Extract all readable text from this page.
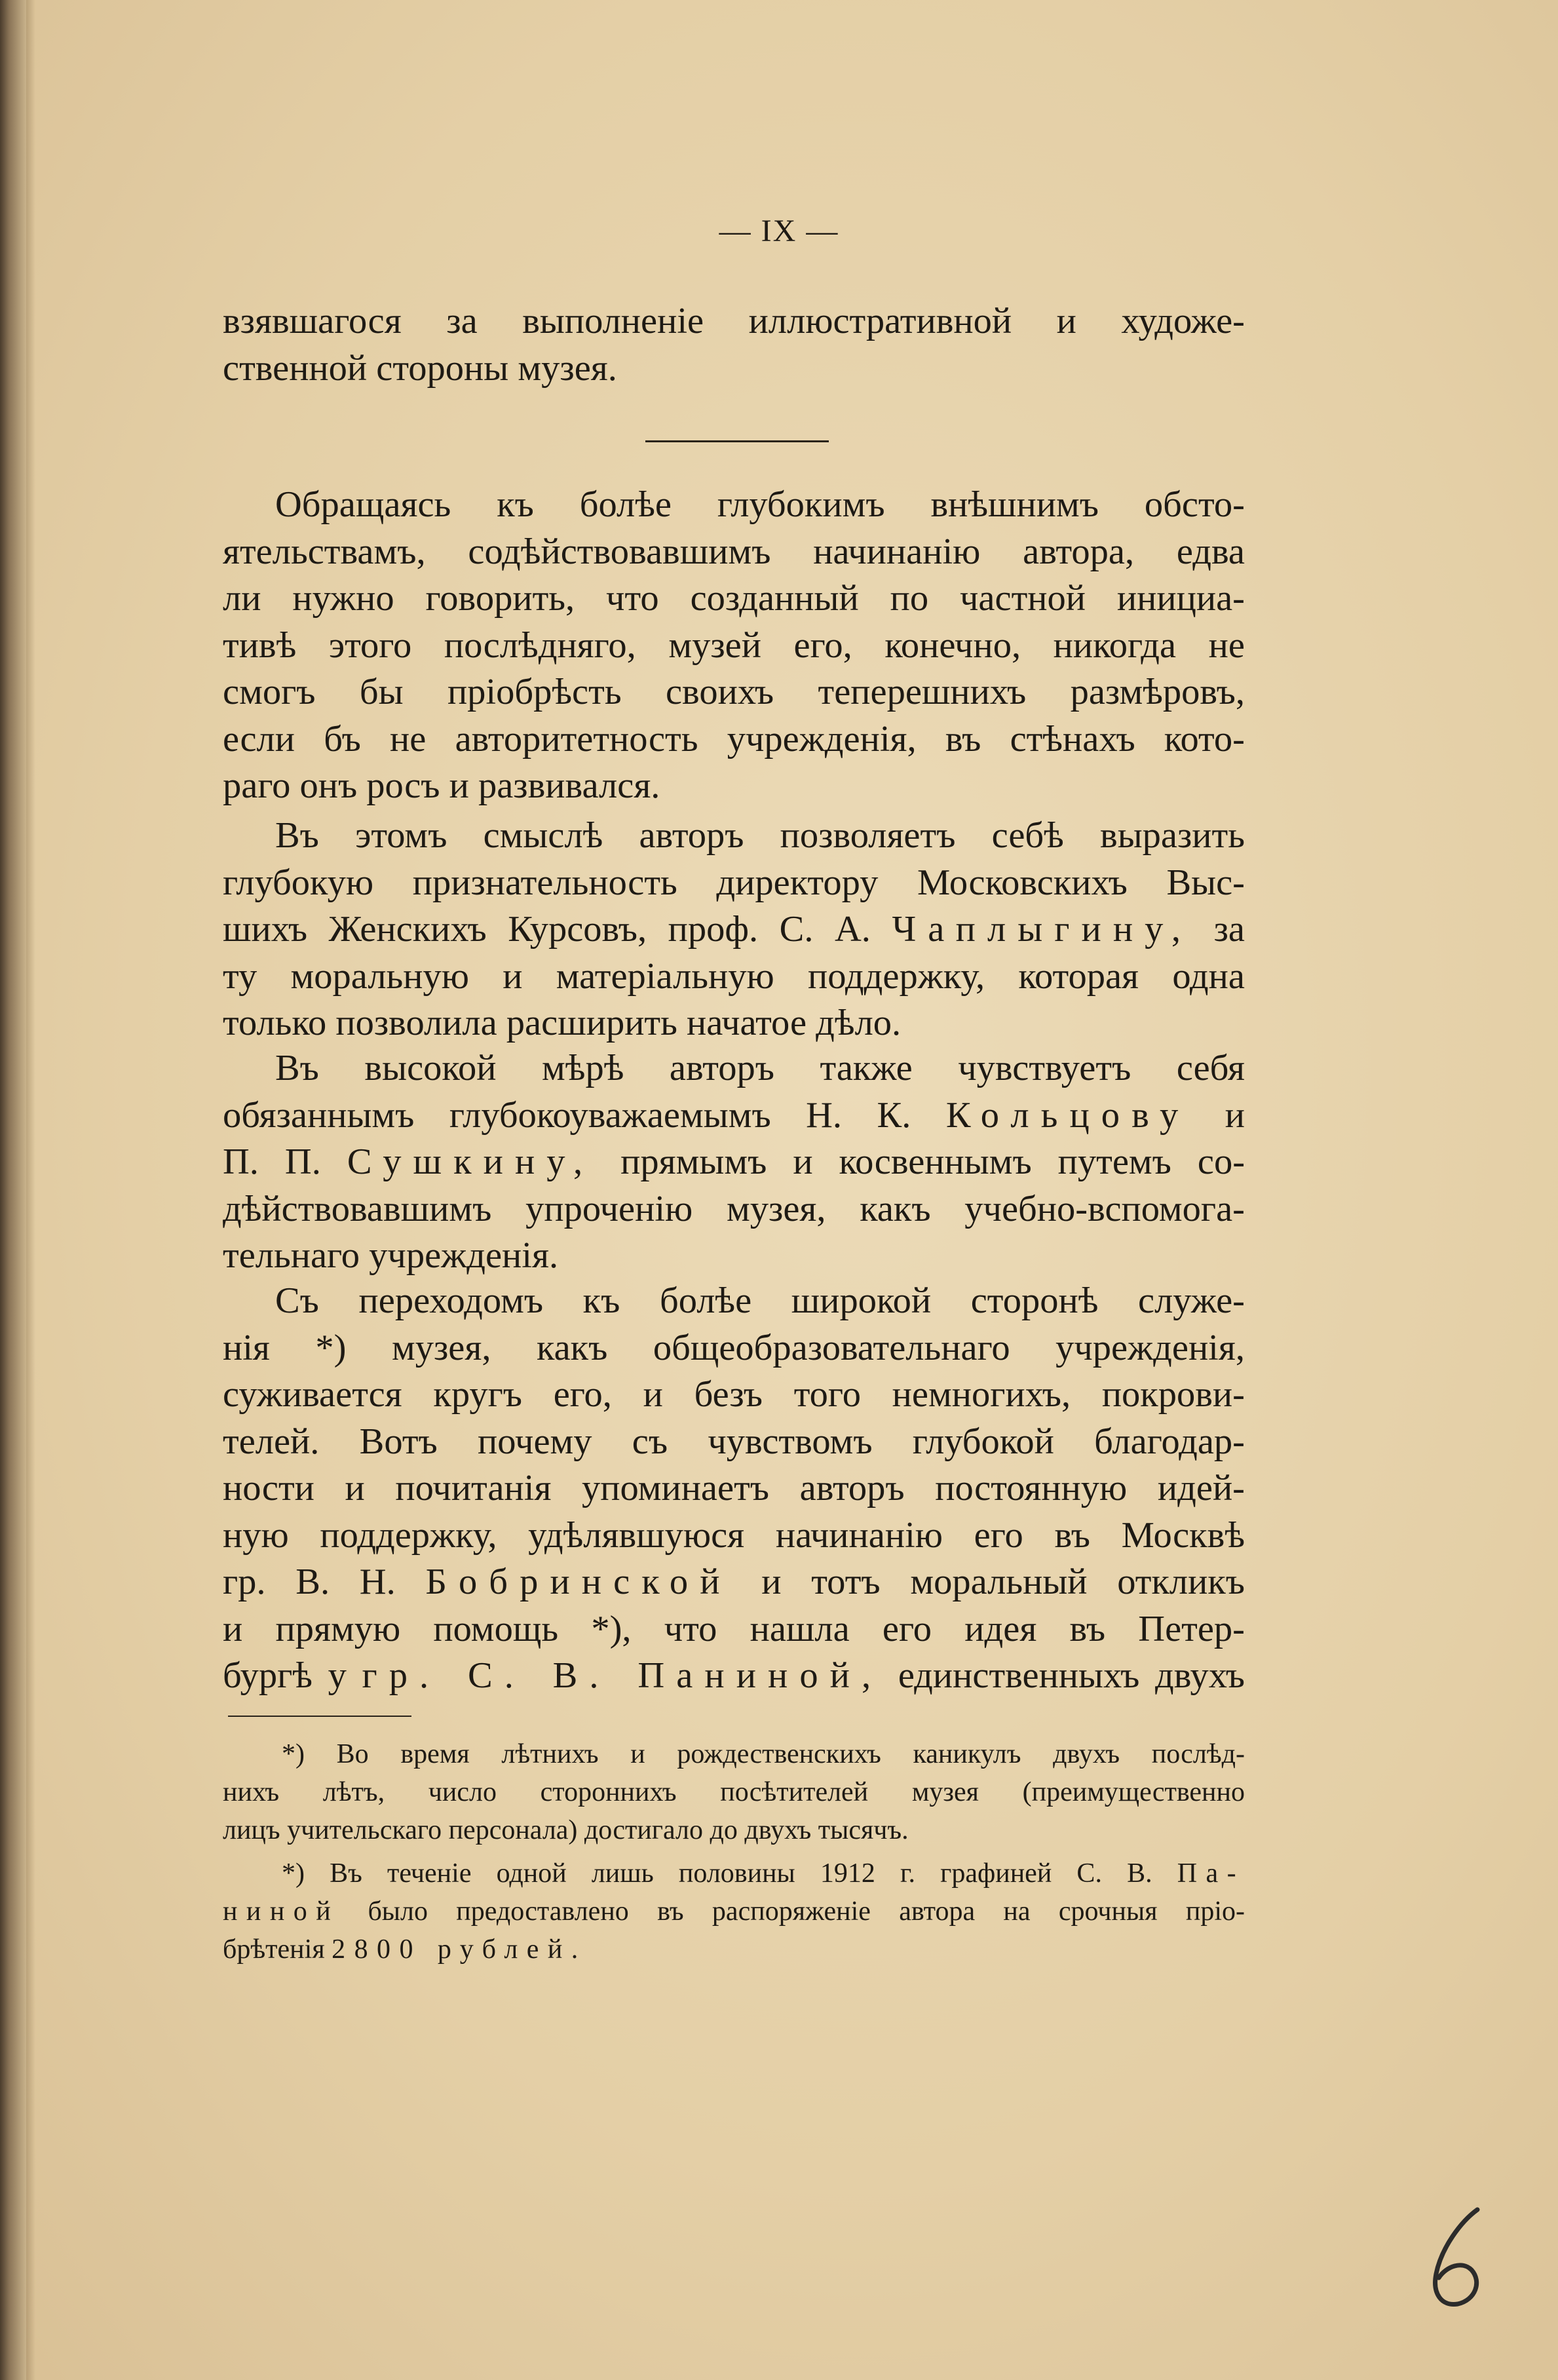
— IX —
взявшагося за выполненіе иллюстративной и художе-
ственной стороны музея.
Обращаясь къ болѣе глубокимъ внѣшнимъ обсто-
ятельствамъ, содѣйствовавшимъ начинанію автора, едва
ли нужно говорить, что созданный по частной инициа-
тивѣ этого послѣдняго, музей его, конечно, никогда не
смогъ бы пріобрѣсть своихъ теперешнихъ размѣровъ,
если бъ не авторитетность учрежденія, въ стѣнахъ кото-
раго онъ росъ и развивался.
Въ этомъ смыслѣ авторъ позволяетъ себѣ выразить
глубокую признательность директору Московскихъ Выс-
шихъ Женскихъ Курсовъ, проф. С. А. Чаплыгину, за
ту моральную и матеріальную поддержку, которая одна
только позволила расширить начатое дѣло.
Въ высокой мѣрѣ авторъ также чувствуетъ себя
обязаннымъ глубокоуважаемымъ Н. К. Кольцову и
П. П. Сушкину, прямымъ и косвеннымъ путемъ со-
дѣйствовавшимъ упроченію музея, какъ учебно-вспомога-
тельнаго учрежденія.
Съ переходомъ къ болѣе широкой сторонѣ служе-
нія *) музея, какъ общеобразовательнаго учрежденія,
суживается кругъ его, и безъ того немногихъ, покрови-
телей. Вотъ почему съ чувствомъ глубокой благодар-
ности и почитанія упоминаетъ авторъ постоянную идей-
ную поддержку, удѣлявшуюся начинанію его въ Москвѣ
гр. В. Н. Бобринской и тотъ моральный откликъ
и прямую помощь *), что нашла его идея въ Петер-
бургѣ у гр. С. В. Паниной, единственныхъ двухъ
*) Во время лѣтнихъ и рождественскихъ каникулъ двухъ послѣд-
нихъ лѣтъ, число стороннихъ посѣтителей музея (преимущественно
лицъ учительскаго персонала) достигало до двухъ тысячъ.
*) Въ теченіе одной лишь половины 1912 г. графиней С. В. Па-
ниной было предоставлено въ распоряженіе автора на срочныя пріо-
брѣтенія 2800 рублей.
